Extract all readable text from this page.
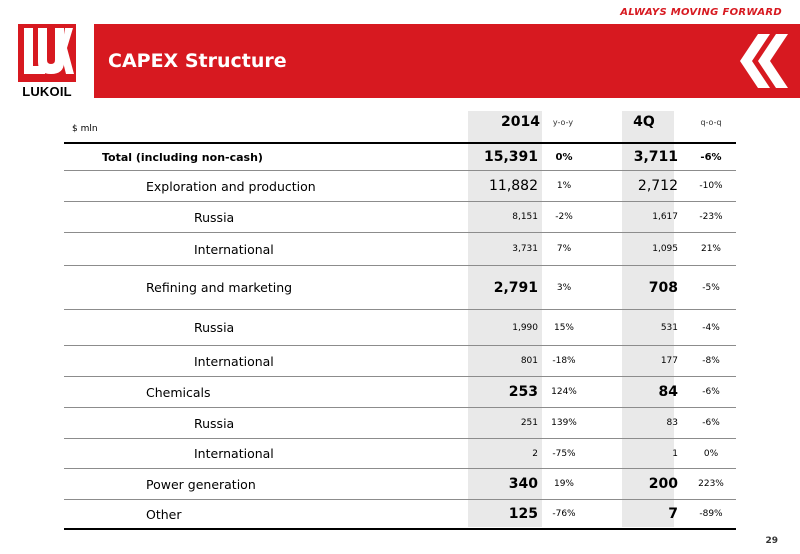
ALWAYS MOVING FORWARD
LUKOIL
CAPEX Structure
$ mln	2014	y-o-y	4Q	q-o-q
Total (including non-cash)	15,391	0%	3,711	-6%
Exploration and production	11,882	1%	2,712	-10%
Russia	8,151	-2%	1,617	-23%
International	3,731	7%	1,095	21%
Refining and marketing	2,791	3%	708	-5%
Russia	1,990	15%	531	-4%
International	801	-18%	177	-8%
Chemicals	253	124%	84	-6%
Russia	251	139%	83	-6%
International	2	-75%	1	0%
Power generation	340	19%	200	223%
Other	125	-76%	7	-89%
29
